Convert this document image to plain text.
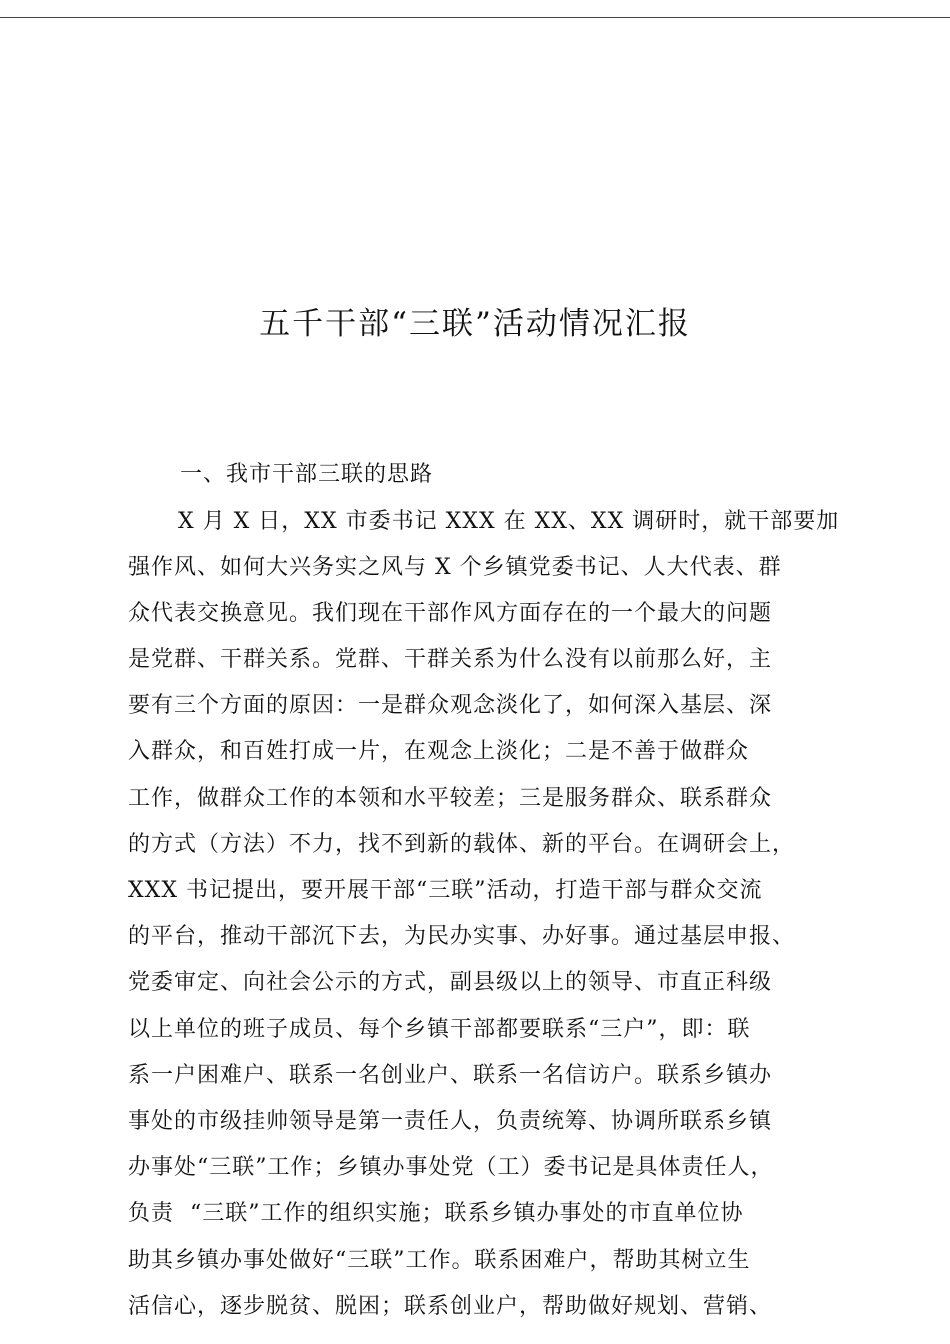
五千干部“三联”活动情况汇报
一、我市干部三联的思路
X 月 X 日，XX 市委书记 XXX 在 XX、XX 调研时，就干部要加
强作风、如何大兴务实之风与 X 个乡镇党委书记、人大代表、群
众代表交换意见。我们现在干部作风方面存在的一个最大的问题
是党群、干群关系。党群、干群关系为什么没有以前那么好，主
要有三个方面的原因：一是群众观念淡化了，如何深入基层、深
入群众，和百姓打成一片，在观念上淡化；二是不善于做群众
工作，做群众工作的本领和水平较差；三是服务群众、联系群众
的方式（方法）不力，找不到新的载体、新的平台。在调研会上，
XXX 书记提出，要开展干部“三联”活动，打造干部与群众交流
的平台，推动干部沉下去，为民办实事、办好事。通过基层申报、
党委审定、向社会公示的方式，副县级以上的领导、市直正科级
以上单位的班子成员、每个乡镇干部都要联系“三户”，即：联
系一户困难户、联系一名创业户、联系一名信访户。联系乡镇办
事处的市级挂帅领导是第一责任人，负责统筹、协调所联系乡镇
办事处“三联”工作；乡镇办事处党（工）委书记是具体责任人，
负责  “三联”工作的组织实施；联系乡镇办事处的市直单位协
助其乡镇办事处做好“三联”工作。联系困难户，帮助其树立生
活信心，逐步脱贫、脱困；联系创业户，帮助做好规划、营销、
